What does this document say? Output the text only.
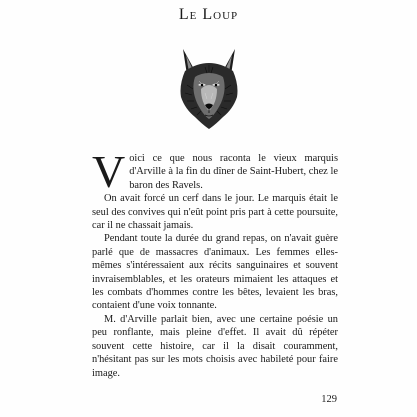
Le Loup

Voici ce que nous raconta le vieux marquis d'Arville à la fin du dîner de Saint-Hubert, chez le baron des Ravels.

On avait forcé un cerf dans le jour. Le marquis était le seul des convives qui n'eût point pris part à cette poursuite, car il ne chassait jamais.

Pendant toute la durée du grand repas, on n'avait guère parlé que de massacres d'animaux. Les femmes elles-mêmes s'intéressaient aux récits sanguinaires et souvent invraisemblables, et les orateurs mimaient les attaques et les combats d'hommes contre les bêtes, levaient les bras, contaient d'une voix tonnante.

M. d'Arville parlait bien, avec une certaine poésie un peu ronflante, mais pleine d'effet. Il avait dû répéter souvent cette histoire, car il la disait couramment, n'hésitant pas sur les mots choisis avec habileté pour faire image.

129
